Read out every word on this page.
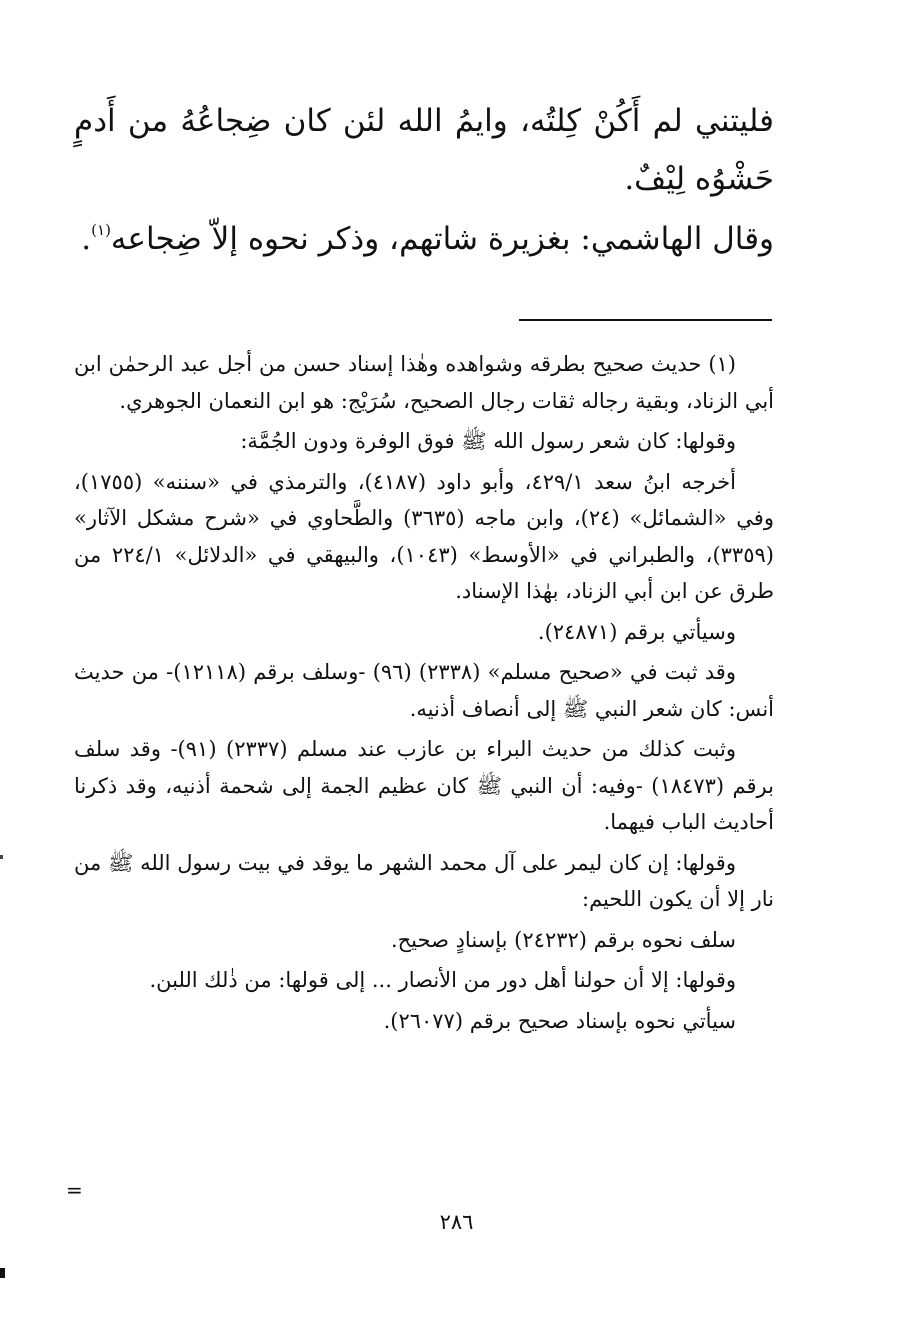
فليتني لم أَكُنْ كِلتُه، وايمُ الله لئن كان ضِجاعُهُ من أَدمٍ حَشْوُه لِيْفٌ.

وقال الهاشمي: بغزيرة شاتهم، وذكر نحوه إلاّ ضِجاعه$^{(١)}$.

(١) حديث صحيح بطرقه وشواهده وهٰذا إسناد حسن من أجل عبد الرحمٰن ابن أبي الزناد، وبقية رجاله ثقات رجال الصحيح، سُرَيْج: هو ابن النعمان الجوهري.

وقولها: كان شعر رسول الله ﷺ فوق الوفرة ودون الجُمَّة:

أخرجه ابنُ سعد ٤٢٩/١، وأبو داود (٤١٨٧)، والترمذي في «سننه» (١٧٥٥)، وفي «الشمائل» (٢٤)، وابن ماجه (٣٦٣٥) والطَّحاوي في «شرح مشكل الآثار» (٣٣٥٩)، والطبراني في «الأوسط» (١٠٤٣)، والبيهقي في «الدلائل» ٢٢٤/١ من طرق عن ابن أبي الزناد، بهٰذا الإسناد.

وسيأتي برقم (٢٤٨٧١).

وقد ثبت في «صحيح مسلم» (٢٣٣٨) (٩٦) -وسلف برقم (١٢١١٨)- من حديث أنس: كان شعر النبي ﷺ إلى أنصاف أذنيه.

وثبت كذلك من حديث البراء بن عازب عند مسلم (٢٣٣٧) (٩١)- وقد سلف برقم (١٨٤٧٣) -وفيه: أن النبي ﷺ كان عظيم الجمة إلى شحمة أذنيه، وقد ذكرنا أحاديث الباب فيهما.

وقولها: إن كان ليمر على آل محمد الشهر ما يوقد في بيت رسول الله ﷺ من نار إلا أن يكون اللحيم:

سلف نحوه برقم (٢٤٢٣٢) بإسنادٍ صحيح.

وقولها: إلا أن حولنا أهل دور من الأنصار ... إلى قولها: من ذٰلك اللبن.

سيأتي نحوه بإسناد صحيح برقم (٢٦٠٧٧).

=
٢٨٦
